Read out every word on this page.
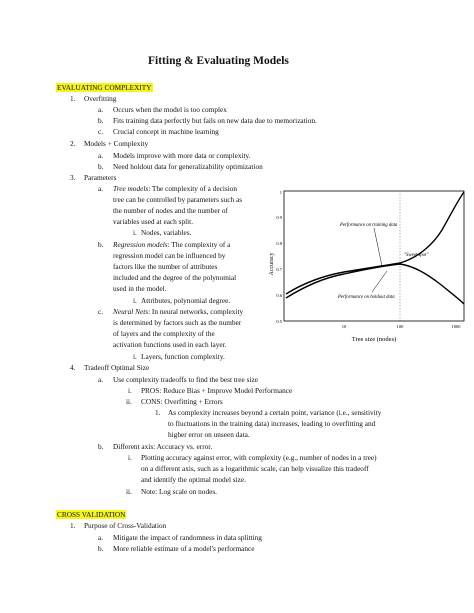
Fitting & Evaluating Models
EVALUATING COMPLEXITY
1. Overfitting
a. Occurs when the model is too complex
b. Fits training data perfectly but fails on new data due to memorization.
c. Crucial concept in machine learning
2. Models + Complexity
a. Models improve with more data or complexity.
b. Need holdout data for generalizability optimization
3. Parameters
a. Tree models: The complexity of a decision
tree can be controlled by parameters such as
the number of nodes and the number of
variables used at each split.
i. Nodes, variables.
b. Regression models: The complexity of a
regression model can be influenced by
factors like the number of attributes
included and the degree of the polynomial
used in the model.
i. Attributes, polynomial degree.
c. Neural Nets: In neural networks, complexity
is determined by factors such as the number
of layers and the complexity of the
activation functions used in each layer.
i. Layers, function complexity.
4. Tradeoff Optimal Size
a. Use complexity tradeoffs to find the best tree size
i. PROS: Reduce Bias + Improve Model Performance
ii. CONS: Overfitting + Errors
1. As complexity increases beyond a certain point, variance (i.e., sensitivity
to fluctuations in the training data) increases, leading to overfitting and
higher error on unseen data.
b. Different axis: Accuracy vs. error.
i. Plotting accuracy against error, with complexity (e.g., number of nodes in a tree)
on a different axis, such as a logarithmic scale, can help visualize this tradeoff
and identify the optimal model size.
ii. Note: Log scale on nodes.
CROSS VALIDATION
1. Purpose of Cross-Validation
a. Mitigate the impact of randomness in data splitting
b. More reliable estimate of a model's performance
Accuracy
1
0.9
0.8
0.7
0.6
0.5
10	100	1000
Tree size (nodes)
Performance on training data
"Sweet spot"
Performance on holdout data
